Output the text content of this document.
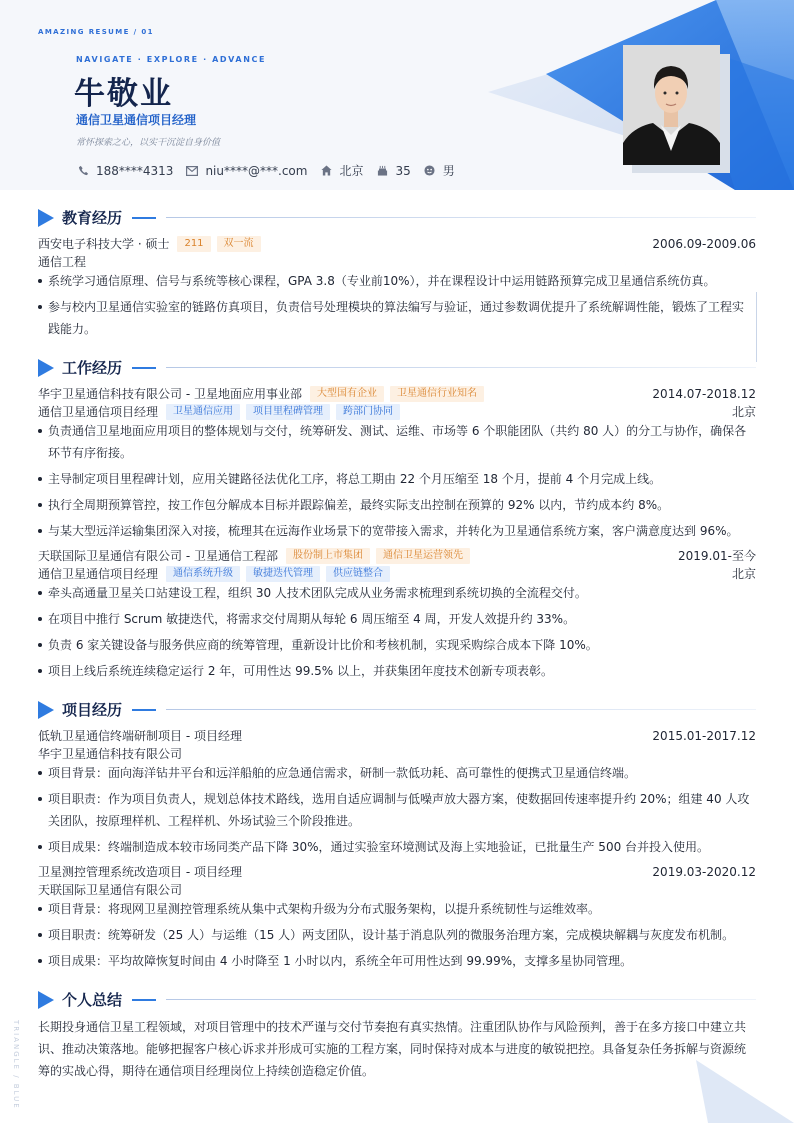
AMAZING RESUME / 01
NAVIGATE · EXPLORE · ADVANCE
牛敬业
通信卫星通信项目经理
常怀探索之心，以实干沉淀自身价值
188****4313	niu****@***.com	北京	35	男
教育经历
西安电子科技大学 · 硕士	211	双一流	2006.09-2009.06
通信工程
系统学习通信原理、信号与系统等核心课程，GPA 3.8（专业前10%），并在课程设计中运用链路预算完成卫星通信系统仿真。
参与校内卫星通信实验室的链路仿真项目，负责信号处理模块的算法编写与验证，通过参数调优提升了系统解调性能，锻炼了工程实践能力。
工作经历
华宇卫星通信科技有限公司 - 卫星地面应用事业部	大型国有企业	卫星通信行业知名	2014.07-2018.12
通信卫星通信项目经理	卫星通信应用	项目里程碑管理	跨部门协同	北京
负责通信卫星地面应用项目的整体规划与交付，统筹研发、测试、运维、市场等 6 个职能团队（共约 80 人）的分工与协作，确保各环节有序衔接。
主导制定项目里程碑计划，应用关键路径法优化工序，将总工期由 22 个月压缩至 18 个月，提前 4 个月完成上线。
执行全周期预算管控，按工作包分解成本目标并跟踪偏差，最终实际支出控制在预算的 92% 以内，节约成本约 8%。
与某大型远洋运输集团深入对接，梳理其在远海作业场景下的宽带接入需求，并转化为卫星通信系统方案，客户满意度达到 96%。
天联国际卫星通信有限公司 - 卫星通信工程部	股份制上市集团	通信卫星运营领先	2019.01-至今
通信卫星通信项目经理	通信系统升级	敏捷迭代管理	供应链整合	北京
牵头高通量卫星关口站建设工程，组织 30 人技术团队完成从业务需求梳理到系统切换的全流程交付。
在项目中推行 Scrum 敏捷迭代，将需求交付周期从每轮 6 周压缩至 4 周，开发人效提升约 33%。
负责 6 家关键设备与服务供应商的统筹管理，重新设计比价和考核机制，实现采购综合成本下降 10%。
项目上线后系统连续稳定运行 2 年，可用性达 99.5% 以上，并获集团年度技术创新专项表彰。
项目经历
低轨卫星通信终端研制项目 - 项目经理	2015.01-2017.12
华宇卫星通信科技有限公司
项目背景：面向海洋钻井平台和远洋船舶的应急通信需求，研制一款低功耗、高可靠性的便携式卫星通信终端。
项目职责：作为项目负责人，规划总体技术路线，选用自适应调制与低噪声放大器方案，使数据回传速率提升约 20%；组建 40 人攻关团队，按原理样机、工程样机、外场试验三个阶段推进。
项目成果：终端制造成本较市场同类产品下降 30%，通过实验室环境测试及海上实地验证，已批量生产 500 台并投入使用。
卫星测控管理系统改造项目 - 项目经理	2019.03-2020.12
天联国际卫星通信有限公司
项目背景：将现网卫星测控管理系统从集中式架构升级为分布式服务架构，以提升系统韧性与运维效率。
项目职责：统筹研发（25 人）与运维（15 人）两支团队，设计基于消息队列的微服务治理方案，完成模块解耦与灰度发布机制。
项目成果：平均故障恢复时间由 4 小时降至 1 小时以内，系统全年可用性达到 99.99%，支撑多星协同管理。
个人总结
长期投身通信卫星工程领域，对项目管理中的技术严谨与交付节奏抱有真实热情。注重团队协作与风险预判，善于在多方接口中建立共识、推动决策落地。能够把握客户核心诉求并形成可实施的工程方案，同时保持对成本与进度的敏锐把控。具备复杂任务拆解与资源统筹的实战心得，期待在通信项目经理岗位上持续创造稳定价值。
TRIANGLE / BLUE
